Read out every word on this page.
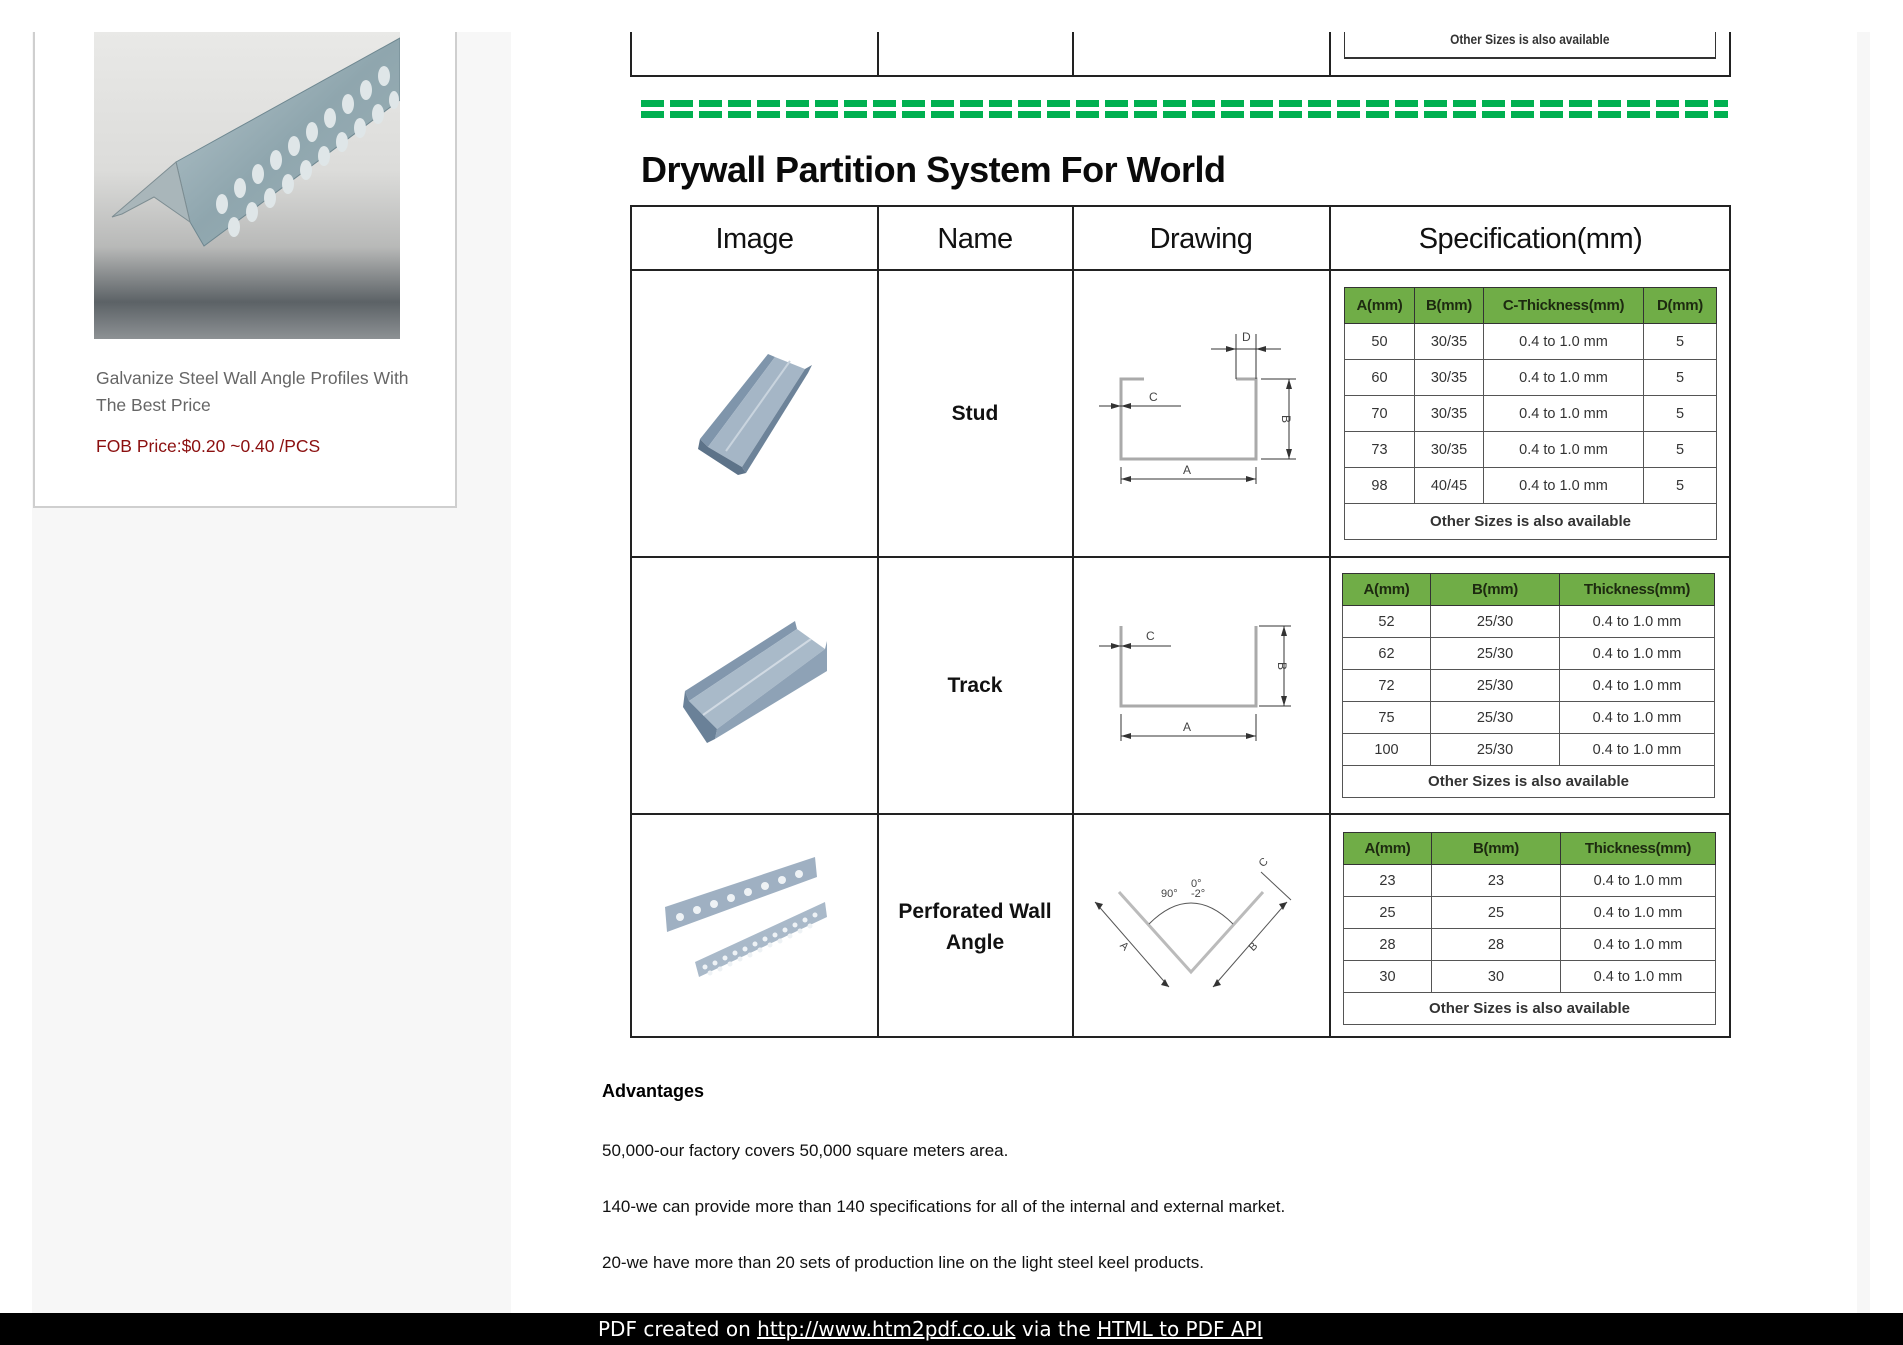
Galvanize Steel Wall Angle Profiles With The Best Price
FOB Price:$0.20 ~0.40 /PCS
Other Sizes is also available
Drywall Partition System For World
Image	Name	Drawing	Specification(mm)
Stud
C
D
B
A
A(mm)	B(mm)	C-Thickness(mm)	D(mm)
50	30/35	0.4 to 1.0 mm	5
60	30/35	0.4 to 1.0 mm	5
70	30/35	0.4 to 1.0 mm	5
73	30/35	0.4 to 1.0 mm	5
98	40/45	0.4 to 1.0 mm	5
Other Sizes is also available			
Track
C
B
A
A(mm)	B(mm)	Thickness(mm)
52	25/30	0.4 to 1.0 mm
62	25/30	0.4 to 1.0 mm
72	25/30	0.4 to 1.0 mm
75	25/30	0.4 to 1.0 mm
100	25/30	0.4 to 1.0 mm
Other Sizes is also available		
Perforated Wall Angle
90°
0°
-2°
A	B
C
A(mm)	B(mm)	Thickness(mm)
23	23	0.4 to 1.0 mm
25	25	0.4 to 1.0 mm
28	28	0.4 to 1.0 mm
30	30	0.4 to 1.0 mm
Other Sizes is also available		
Advantages
50,000-our factory covers 50,000 square meters area.
140-we can provide more than 140 specifications for all of the internal and external market.
20-we have more than 20 sets of production line on the light steel keel products.
PDF created on http://www.htm2pdf.co.uk via the HTML to PDF API
